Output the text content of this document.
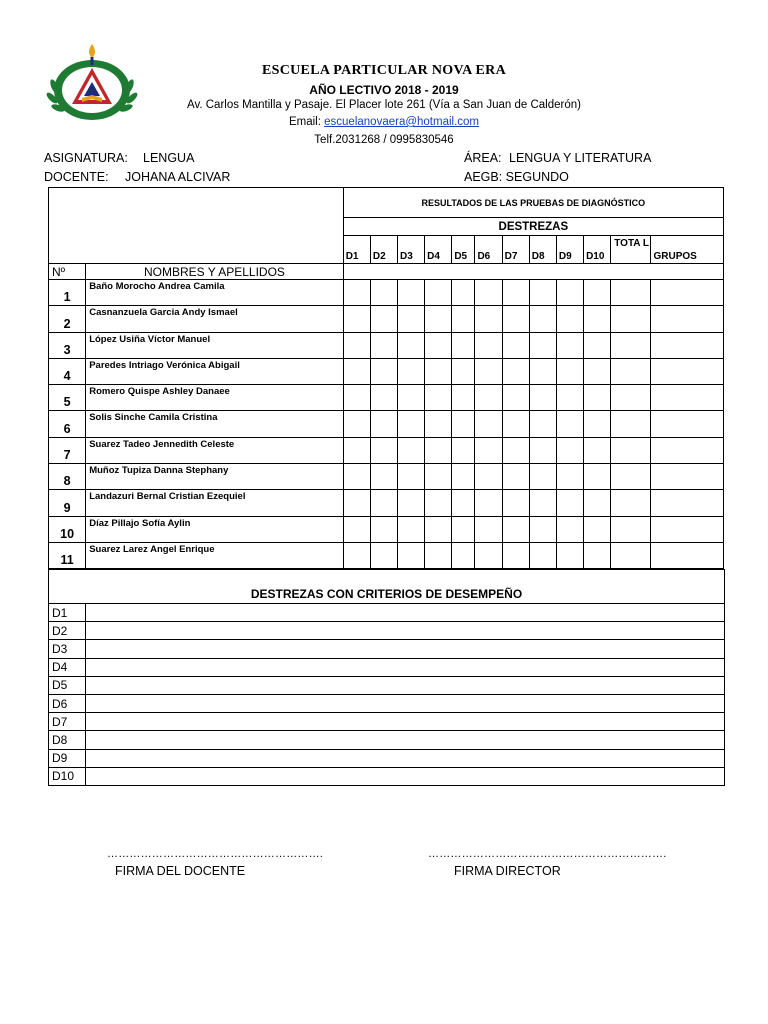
ESCUELA PARTICULAR NOVA ERA
AÑO LECTIVO 2018 - 2019
Av. Carlos Mantilla y Pasaje. El Placer lote 261 (Vía a San Juan de Calderón)
Email: escuelanovaera@hotmail.com
Telf.2031268 / 0995830546
ASIGNATURA: LENGUA	ÁREA: LENGUA Y LITERATURA
DOCENTE: JOHANA ALCIVAR	AEGB: SEGUNDO
		RESULTADOS DE LAS PRUEBAS DE DIAGNÓSTICO											
		DESTREZAS											
		D1	D2	D3	D4	D5	D6	D7	D8	D9	D10	TOTA L	GRUPOS
Nº	NOMBRES Y APELLIDOS												
1	Baño Morocho Andrea Camila												
2	Casnanzuela Garcia Andy Ismael												
3	López Usiña Víctor Manuel												
4	Paredes Intriago Verónica Abigail												
5	Romero Quispe Ashley Danaee												
6	Solis Sinche Camila Cristina												
7	Suarez Tadeo Jennedith Celeste												
8	Muñoz Tupiza Danna Stephany												
9	Landazuri Bernal Cristian Ezequiel												
10	Díaz Pillajo Sofía Aylin												
11	Suarez Larez Angel Enrique												
DESTREZAS CON CRITERIOS DE DESEMPEÑO	
D1	
D2	
D3	
D4	
D5	
D6	
D7	
D8	
D9	
D10	
………………………………………………….	……………………………………………………….
FIRMA DEL DOCENTE	FIRMA DIRECTOR
